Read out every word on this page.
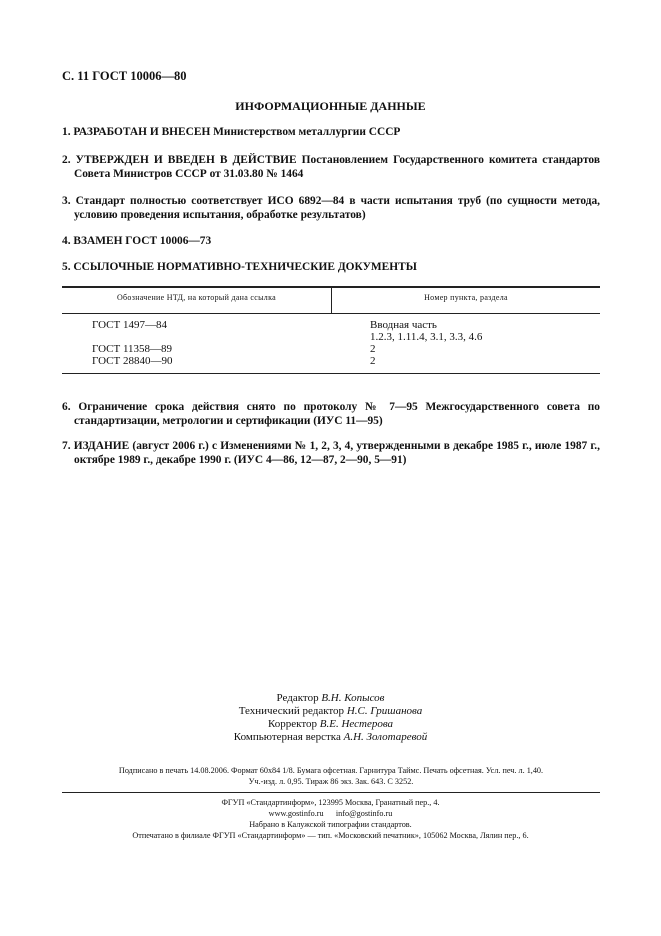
С. 11 ГОСТ 10006—80
ИНФОРМАЦИОННЫЕ ДАННЫЕ
1. РАЗРАБОТАН И ВНЕСЕН Министерством металлургии СССР
2. УТВЕРЖДЕН И ВВЕДЕН В ДЕЙСТВИЕ Постановлением Государственного комитета стандартов Совета Министров СССР от 31.03.80 № 1464
3. Стандарт полностью соответствует ИСО 6892—84 в части испытания труб (по сущности метода, условию проведения испытания, обработке результатов)
4. ВЗАМЕН ГОСТ 10006—73
5. ССЫЛОЧНЫЕ НОРМАТИВНО-ТЕХНИЧЕСКИЕ ДОКУМЕНТЫ
Обозначение НТД, на который дана ссылка	Номер пункта, раздела
ГОСТ 1497—84	Вводная часть
1.2.3, 1.11.4, 3.1, 3.3, 4.6
ГОСТ 11358—89	2
ГОСТ 28840—90	2
6. Ограничение срока действия снято по протоколу № 7—95 Межгосударственного совета по стандартизации, метрологии и сертификации (ИУС 11—95)
7. ИЗДАНИЕ (август 2006 г.) с Изменениями № 1, 2, 3, 4, утвержденными в декабре 1985 г., июле 1987 г., октябре 1989 г., декабре 1990 г. (ИУС 4—86, 12—87, 2—90, 5—91)
Редактор В.Н. Копысов
Технический редактор Н.С. Гришанова
Корректор В.Е. Нестерова
Компьютерная верстка А.Н. Золотаревой
Подписано в печать 14.08.2006. Формат 60x84 1/8. Бумага офсетная. Гарнитура Таймс. Печать офсетная. Усл. печ. л. 1,40.
Уч.-изд. л. 0,95. Тираж 86 экз. Зак. 643. С 3252.
ФГУП «Стандартинформ», 123995 Москва, Гранатный пер., 4.
www.gostinfo.ru info@gostinfo.ru
Набрано в Калужской типографии стандартов.
Отпечатано в филиале ФГУП «Стандартинформ» — тип. «Московский печатник», 105062 Москва, Лялин пер., 6.
